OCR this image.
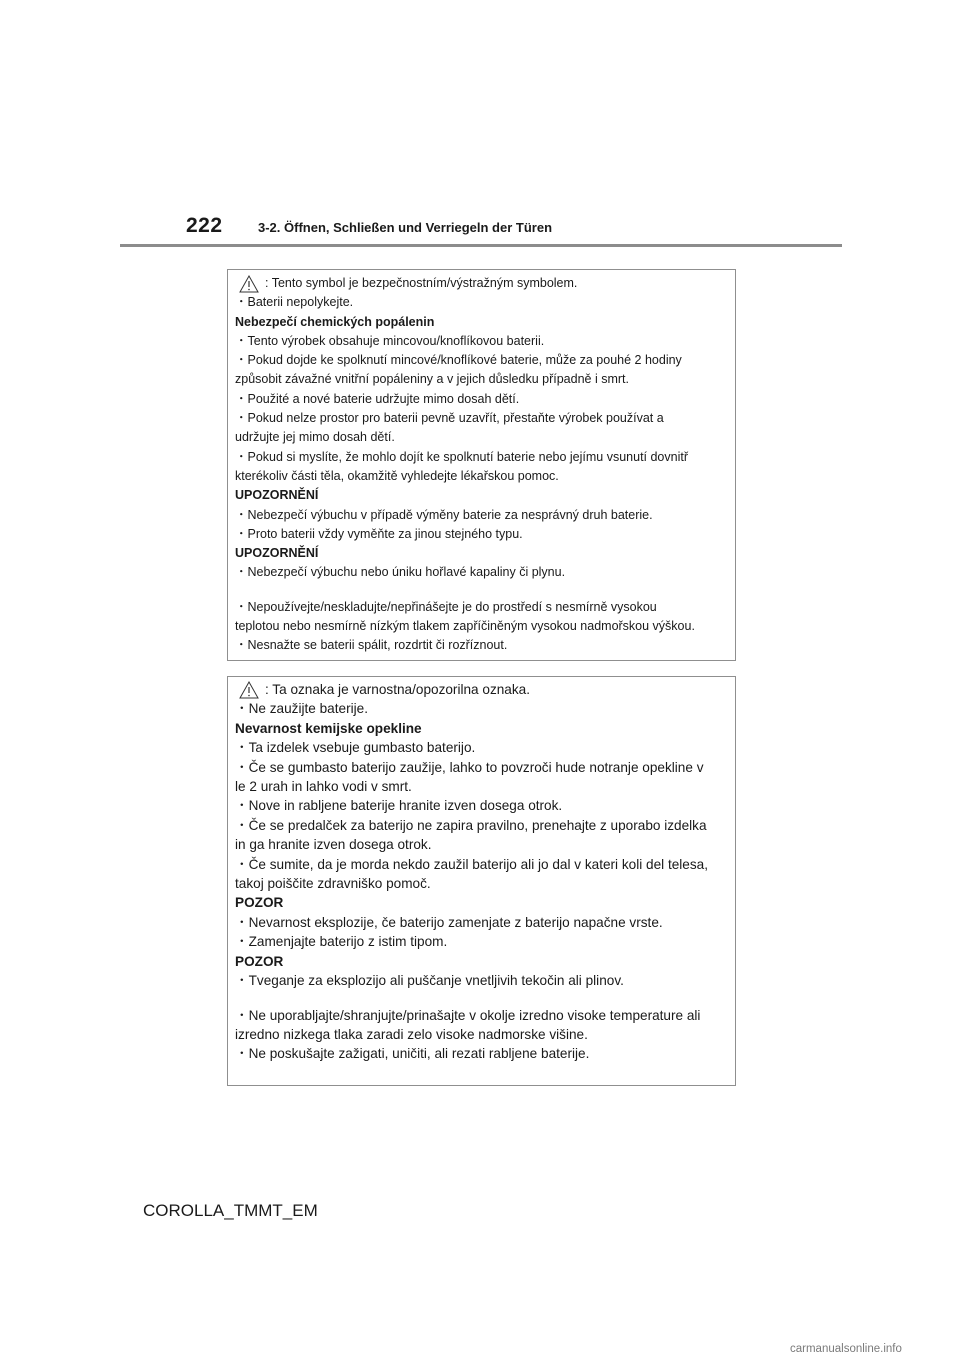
222	3-2. Öffnen, Schließen und Verriegeln der Türen

: Tento symbol je bezpečnostním/výstražným symbolem.

・Baterii nepolykejte.

Nebezpečí chemických popálenin

・Tento výrobek obsahuje mincovou/knoflíkovou baterii.

・Pokud dojde ke spolknutí mincové/knoflíkové baterie, může za pouhé 2 hodiny

způsobit závažné vnitřní popáleniny a v jejich důsledku případně i smrt.

・Použité a nové baterie udržujte mimo dosah dětí.

・Pokud nelze prostor pro baterii pevně uzavřít, přestaňte výrobek používat a

udržujte jej mimo dosah dětí.

・Pokud si myslíte, že mohlo dojít ke spolknutí baterie nebo jejímu vsunutí dovnitř

kterékoliv části těla, okamžitě vyhledejte lékařskou pomoc.

UPOZORNĚNÍ

・Nebezpečí výbuchu v případě výměny baterie za nesprávný druh baterie.

・Proto baterii vždy vyměňte za jinou stejného typu.

UPOZORNĚNÍ

・Nebezpečí výbuchu nebo úniku hořlavé kapaliny či plynu.

・Nepoužívejte/neskladujte/nepřinášejte je do prostředí s nesmírně vysokou

teplotou nebo nesmírně nízkým tlakem zapříčiněným vysokou nadmořskou výškou.

・Nesnažte se baterii spálit, rozdrtit či rozříznout.

: Ta oznaka je varnostna/opozorilna oznaka.

・Ne zaužijte baterije.

Nevarnost kemijske opekline

・Ta izdelek vsebuje gumbasto baterijo.

・Če se gumbasto baterijo zaužije, lahko to povzroči hude notranje opekline v

le 2 urah in lahko vodi v smrt.

・Nove in rabljene baterije hranite izven dosega otrok.

・Če se predalček za baterijo ne zapira pravilno, prenehajte z uporabo izdelka

in ga hranite izven dosega otrok.

・Če sumite, da je morda nekdo zaužil baterijo ali jo dal v kateri koli del telesa,

takoj poiščite zdravniško pomoč.

POZOR

・Nevarnost eksplozije, če baterijo zamenjate z baterijo napačne vrste.

・Zamenjajte baterijo z istim tipom.

POZOR

・Tveganje za eksplozijo ali puščanje vnetljivih tekočin ali plinov.

・Ne uporabljajte/shranjujte/prinašajte v okolje izredno visoke temperature ali

izredno nizkega tlaka zaradi zelo visoke nadmorske višine.

・Ne poskušajte zažigati, uničiti, ali rezati rabljene baterije.

COROLLA_TMMT_EM
carmanualsonline.info
